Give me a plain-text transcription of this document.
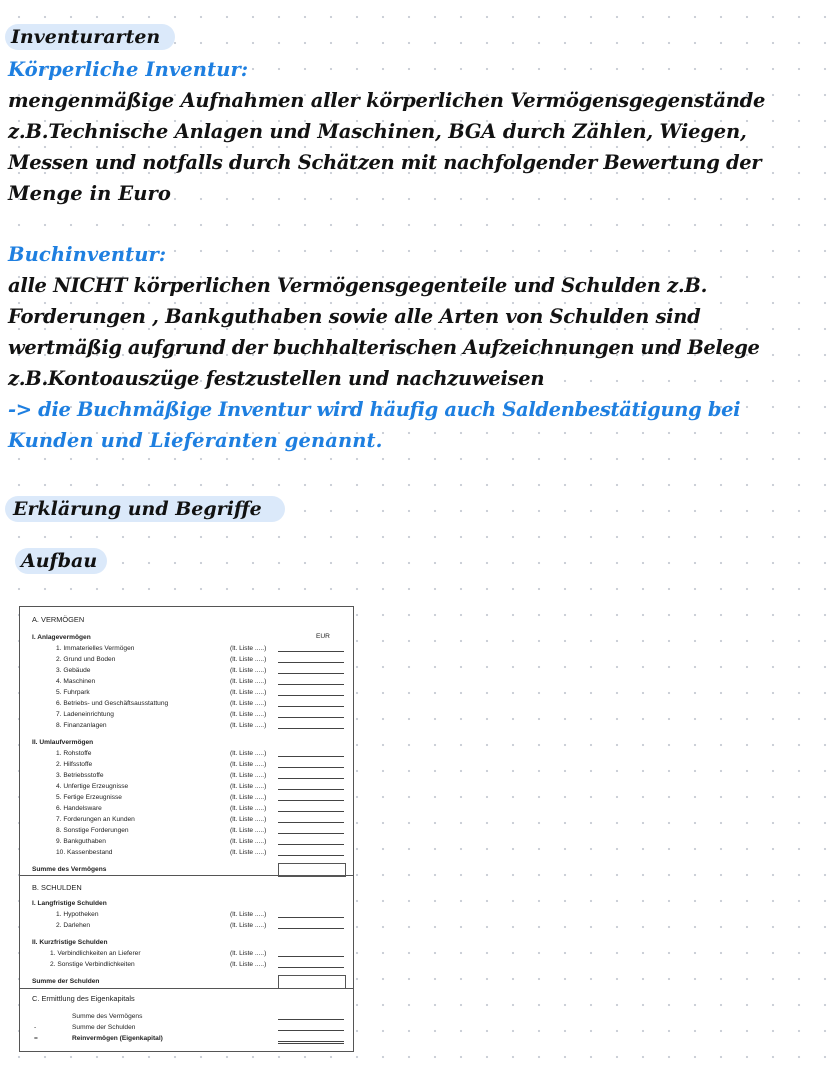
Inventurarten
Körperliche Inventur:
mengenmäßige Aufnahmen aller körperlichen Vermögensgegenstände
z.B.Technische Anlagen und Maschinen, BGA durch Zählen, Wiegen,
Messen und notfalls durch Schätzen mit nachfolgender Bewertung der
Menge in Euro
Buchinventur:
alle NICHT körperlichen Vermögensgegenteile und Schulden z.B.
Forderungen , Bankguthaben sowie alle Arten von Schulden sind
wertmäßig aufgrund der buchhalterischen Aufzeichnungen und Belege
z.B.Kontoauszüge festzustellen und nachzuweisen
-> die Buchmäßige Inventur wird häufig auch Saldenbestätigung bei
Kunden und Lieferanten genannt.
Erklärung und Begriffe
Aufbau
A. VERMÖGEN
EUR
I. Anlagevermögen
1. Immaterielles Vermögen
2. Grund und Boden
3. Gebäude
4. Maschinen
5. Fuhrpark
6. Betriebs- und Geschäftsausstattung
7. Ladeneinrichtung
8. Finanzanlagen
(lt. Liste .....)
(lt. Liste .....)
(lt. Liste .....)
(lt. Liste .....)
(lt. Liste .....)
(lt. Liste .....)
(lt. Liste .....)
(lt. Liste .....)
II. Umlaufvermögen
1. Rohstoffe
2. Hilfsstoffe
3. Betriebsstoffe
4. Unfertige Erzeugnisse
5. Fertige Erzeugnisse
6. Handelsware
7. Forderungen an Kunden
8. Sonstige Forderungen
9. Bankguthaben
10. Kassenbestand
(lt. Liste .....)
(lt. Liste .....)
(lt. Liste .....)
(lt. Liste .....)
(lt. Liste .....)
(lt. Liste .....)
(lt. Liste .....)
(lt. Liste .....)
(lt. Liste .....)
(lt. Liste .....)
Summe des Vermögens
B. SCHULDEN
I. Langfristige Schulden
1. Hypotheken
2. Darlehen
(lt. Liste .....)
(lt. Liste .....)
II. Kurzfristige Schulden
1. Verbindlichkeiten an Lieferer
2. Sonstige Verbindlichkeiten
(lt. Liste .....)
(lt. Liste .....)
Summe der Schulden
C. Ermittlung des Eigenkapitals
Summe des Vermögens
-	Summe der Schulden
=	Reinvermögen (Eigenkapital)
